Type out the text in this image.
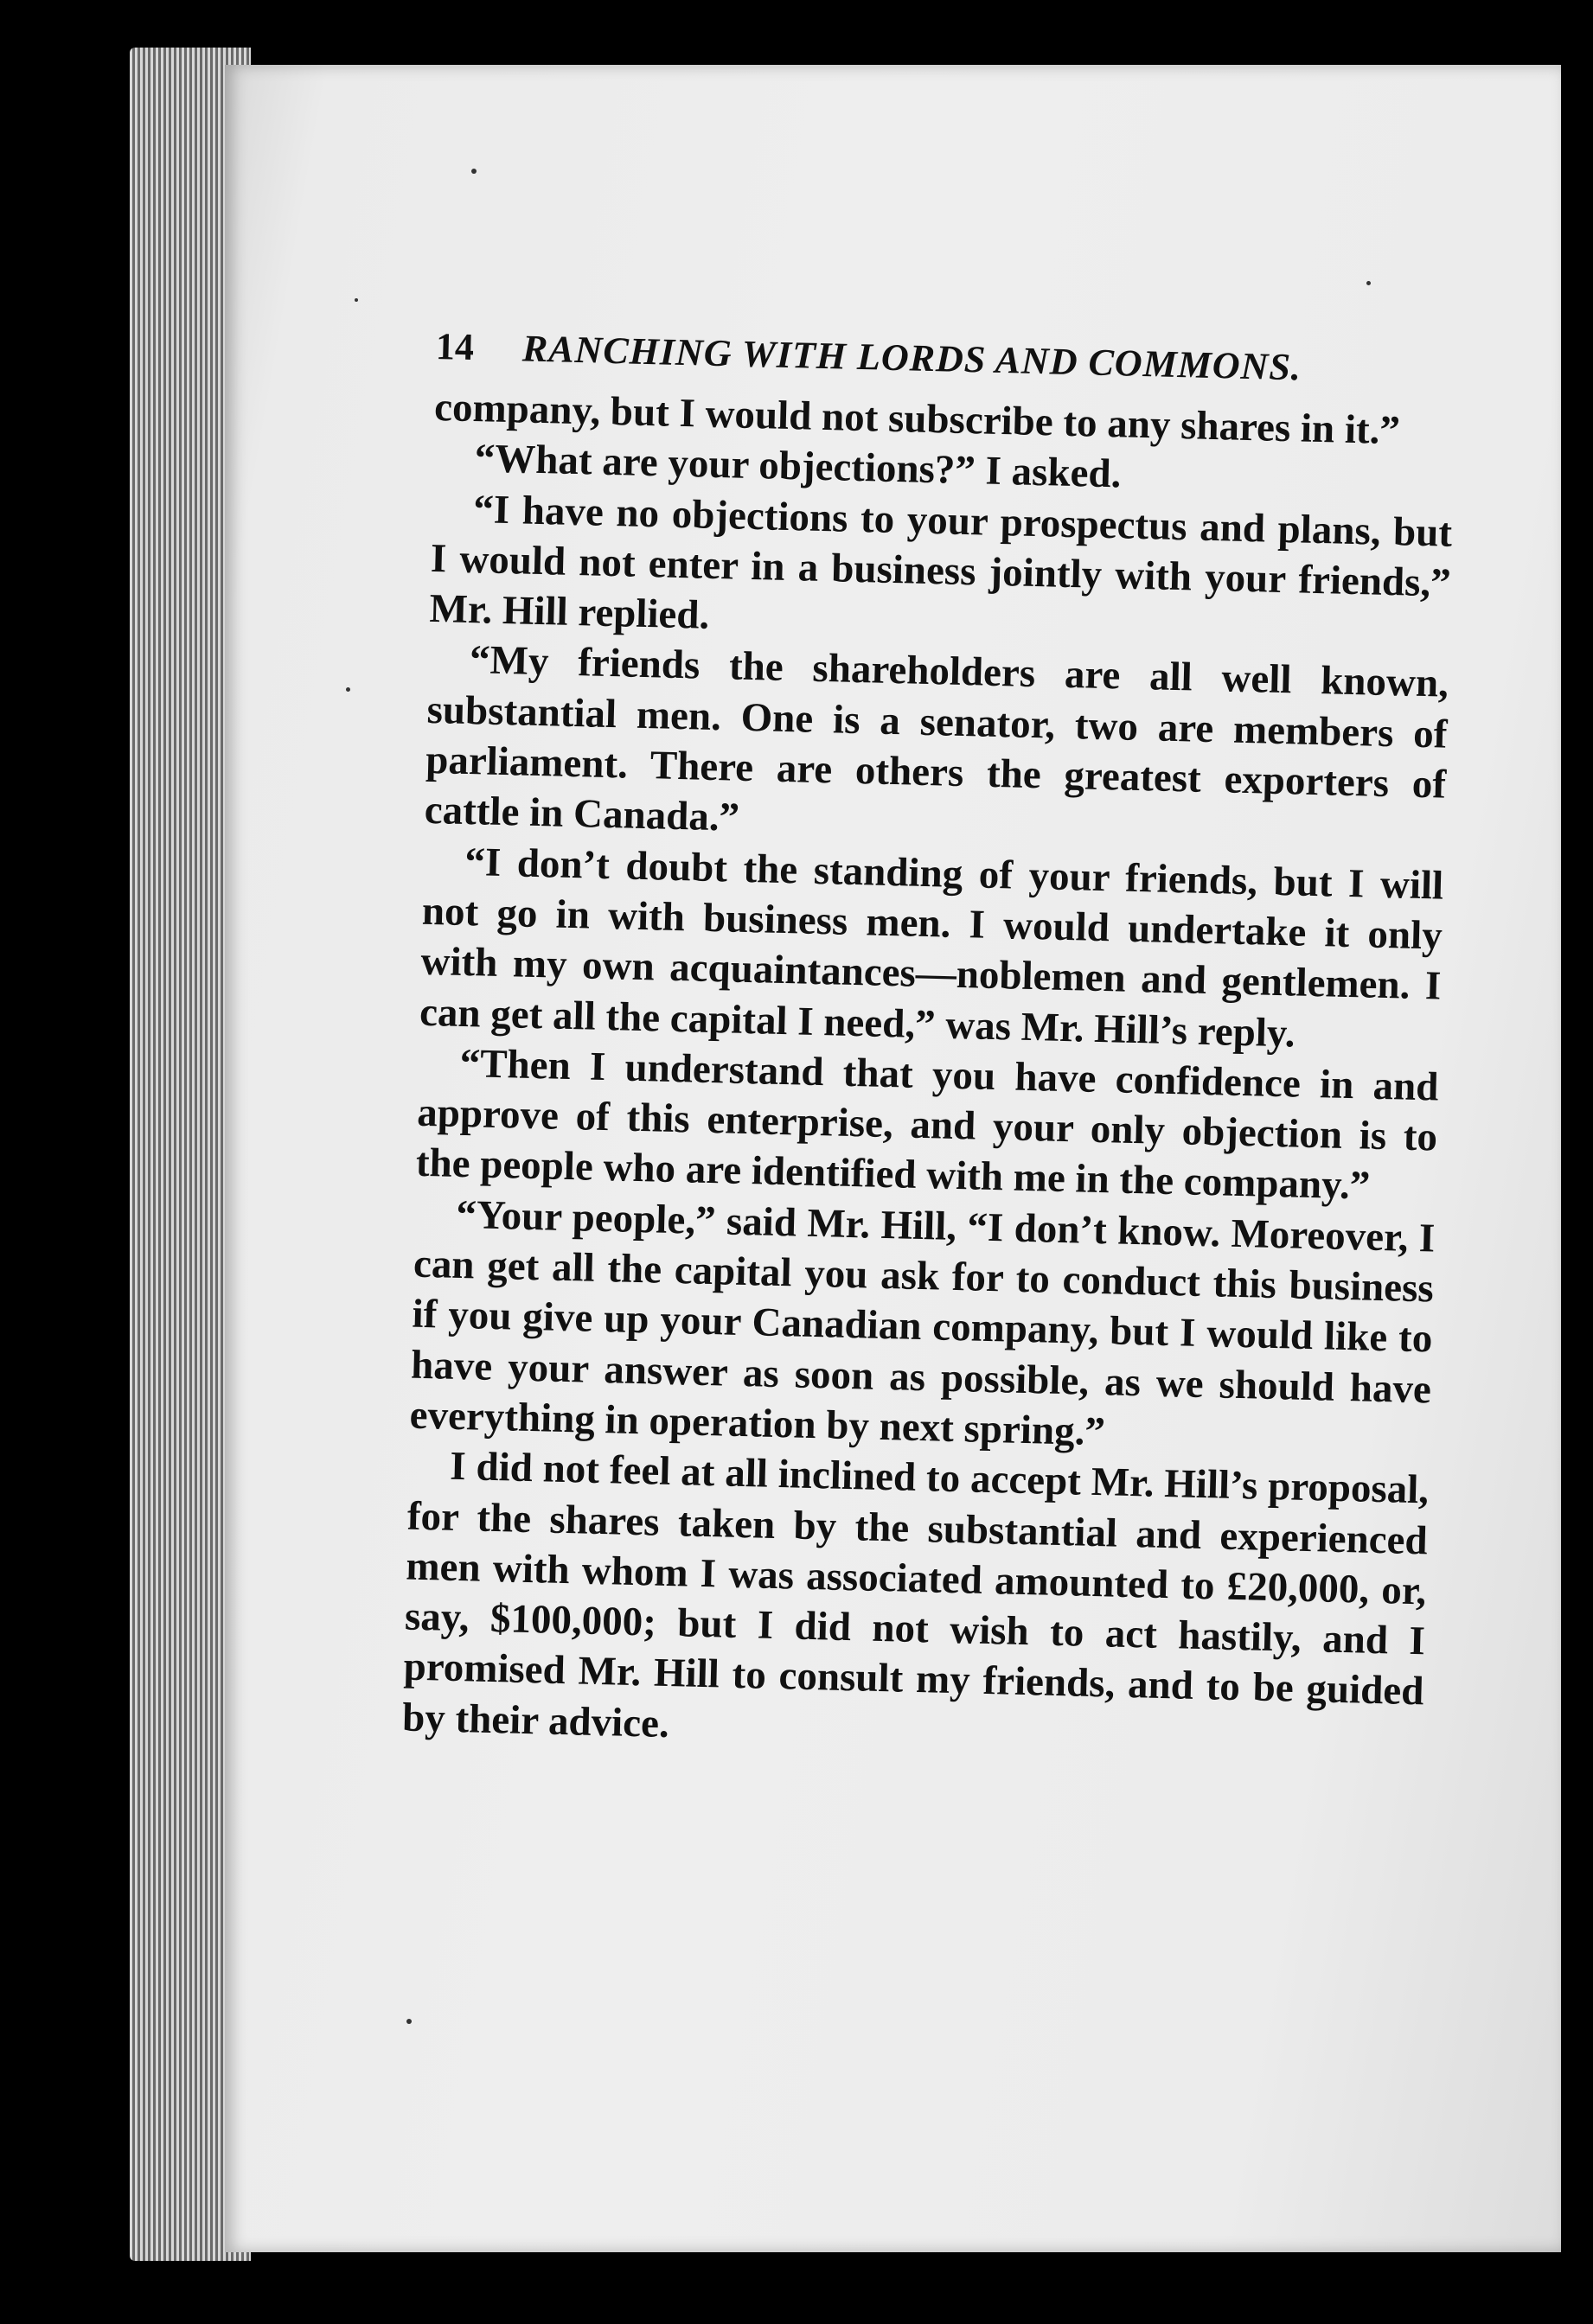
14 RANCHING WITH LORDS AND COMMONS.

company, but I would not subscribe to any shares in it.”

“What are your objections?” I asked.

“I have no objections to your prospectus and plans, but I would not enter in a business jointly with your friends,” Mr. Hill replied.

“My friends the shareholders are all well known, substantial men. One is a senator, two are members of parliament. There are others the greatest exporters of cattle in Canada.”

“I don’t doubt the standing of your friends, but I will not go in with business men. I would undertake it only with my own acquaintances—noblemen and gentlemen. I can get all the capital I need,” was Mr. Hill’s reply.

“Then I understand that you have confidence in and approve of this enterprise, and your only objection is to the people who are identified with me in the company.”

“Your people,” said Mr. Hill, “I don’t know. Moreover, I can get all the capital you ask for to conduct this business if you give up your Canadian company, but I would like to have your answer as soon as possible, as we should have everything in operation by next spring.”

I did not feel at all inclined to accept Mr. Hill’s proposal, for the shares taken by the substantial and experienced men with whom I was associated amounted to £20,000, or, say, $100,000; but I did not wish to act hastily, and I promised Mr. Hill to consult my friends, and to be guided by their advice.
